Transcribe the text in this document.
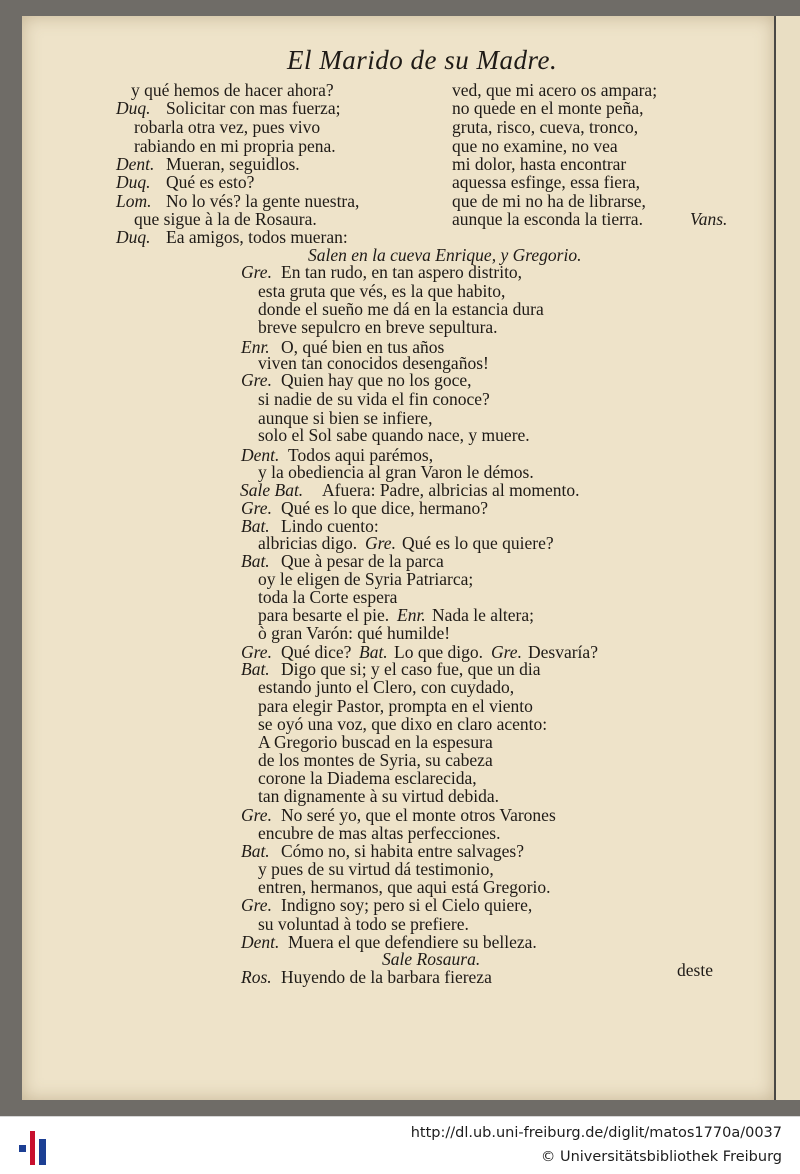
El Marido de su Madre.
y qué hemos de hacer ahora?
Duq. Solicitar con mas fuerza;
robarla otra vez, pues vivo
rabiando en mi propria pena.
Dent. Mueran, seguidlos.
Duq. Qué es esto?
Lom. No lo vés? la gente nuestra,
que sigue à la de Rosaura.
Duq. Ea amigos, todos mueran:
ved, que mi acero os ampara;
no quede en el monte peña,
gruta, risco, cueva, tronco,
que no examine, no vea
mi dolor, hasta encontrar
aquessa esfinge, essa fiera,
que de mi no ha de librarse,
aunque la esconda la tierra.	Vans.
Salen en la cueva Enrique, y Gregorio.
Gre. En tan rudo, en tan aspero distrito,
esta gruta que vés, es la que habito,
donde el sueño me dá en la estancia dura
breve sepulcro en breve sepultura.
Enr. O, qué bien en tus años
viven tan conocidos desengaños!
Gre. Quien hay que no los goce,
si nadie de su vida el fin conoce?
aunque si bien se infiere,
solo el Sol sabe quando nace, y muere.
Dent. Todos aqui parémos,
y la obediencia al gran Varon le démos.
Sale Bat. Afuera: Padre, albricias al momento.
Gre. Qué es lo que dice, hermano?
Bat. Lindo cuento:
albricias digo.
Bat. Que à pesar de la parca
oy le eligen de Syria Patriarca;
toda la Corte espera
para besarte el pie.
ò gran Varón: qué humilde!
Gre. Qué dice?
Bat. Digo que si; y el caso fue, que un dia
estando junto el Clero, con cuydado,
para elegir Pastor, prompta en el viento
se oyó una voz, que dixo en claro acento:
A Gregorio buscad en la espesura
de los montes de Syria, su cabeza
corone la Diadema esclarecida,
tan dignamente à su virtud debida.
Gre. No seré yo, que el monte otros Varones
encubre de mas altas perfecciones.
Bat. Cómo no, si habita entre salvages?
y pues de su virtud dá testimonio,
entren, hermanos, que aqui está Gregorio.
Gre. Indigno soy; pero si el Cielo quiere,
su voluntad à todo se prefiere.
Dent. Muera el que defendiere su belleza.
Sale Rosaura.
Ros. Huyendo de la barbara fiereza
Gre. Qué es lo que quiere?
Enr. Nada le altera;
Bat. Lo que digo. Gre. Desvaría?
deste
http://dl.ub.uni-freiburg.de/diglit/matos1770a/0037
© Universitätsbibliothek Freiburg
